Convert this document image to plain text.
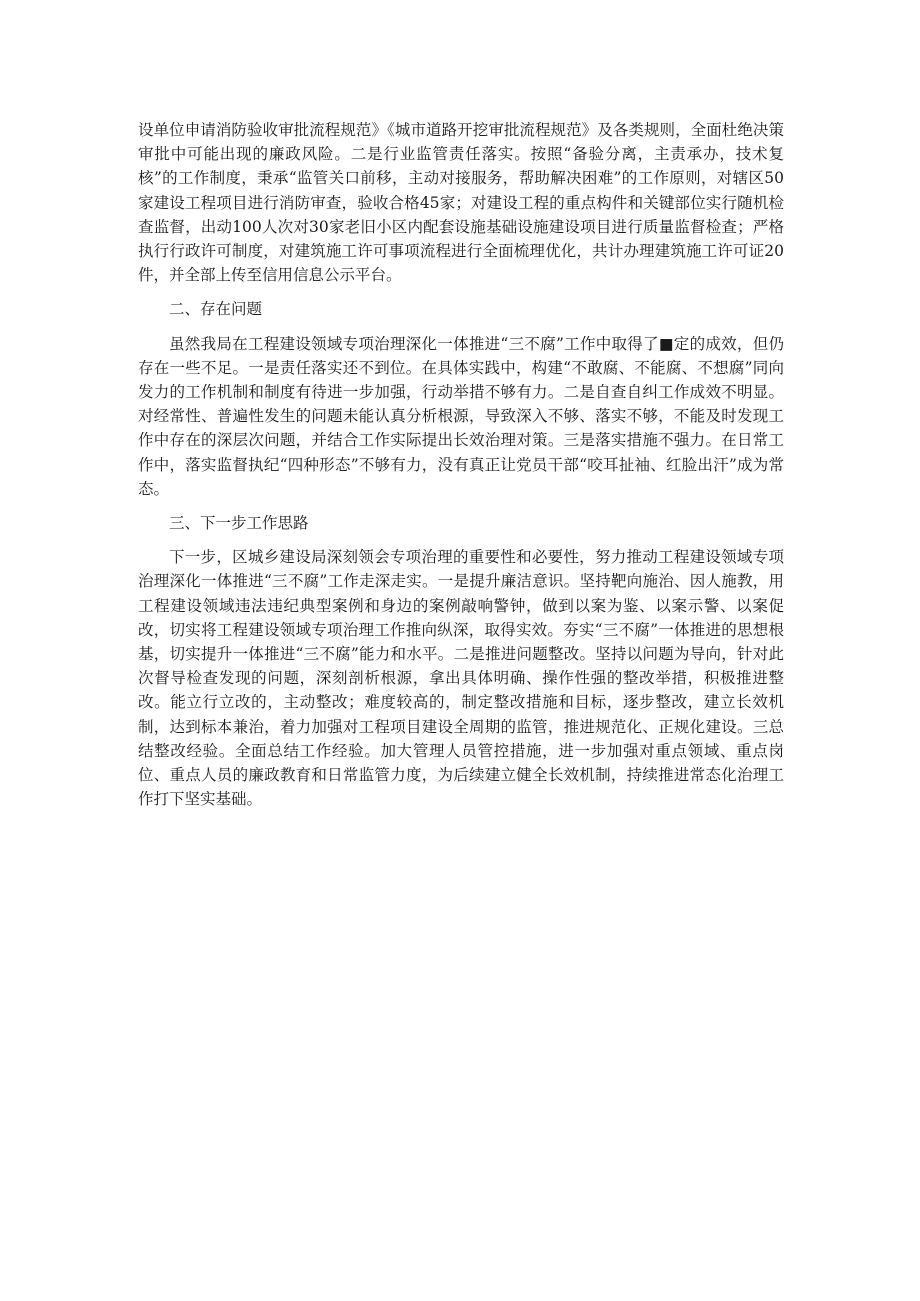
设单位申请消防验收审批流程规范》《城市道路开挖审批流程规范》及各类规则，全面杜绝决策审批中可能出现的廉政风险。二是行业监管责任落实。按照“备验分离，主责承办，技术复核”的工作制度，秉承“监管关口前移，主动对接服务，帮助解决困难”的工作原则，对辖区50家建设工程项目进行消防审查，验收合格45家；对建设工程的重点构件和关键部位实行随机检查监督，出动100人次对30家老旧小区内配套设施基础设施建设项目进行质量监督检查；严格执行行政许可制度，对建筑施工许可事项流程进行全面梳理优化，共计办理建筑施工许可证20件，并全部上传至信用信息公示平台。

二、存在问题

虽然我局在工程建设领域专项治理深化一体推进“三不腐”工作中取得了■定的成效，但仍存在一些不足。一是责任落实还不到位。在具体实践中，构建“不敢腐、不能腐、不想腐”同向发力的工作机制和制度有待进一步加强，行动举措不够有力。二是自查自纠工作成效不明显。对经常性、普遍性发生的问题未能认真分析根源，导致深入不够、落实不够，不能及时发现工作中存在的深层次问题，并结合工作实际提出长效治理对策。三是落实措施不强力。在日常工作中，落实监督执纪“四种形态”不够有力，没有真正让党员干部“咬耳扯袖、红脸出汗”成为常态。

三、下一步工作思路

下一步，区城乡建设局深刻领会专项治理的重要性和必要性，努力推动工程建设领域专项治理深化一体推进“三不腐”工作走深走实。一是提升廉洁意识。坚持靶向施治、因人施教，用工程建设领域违法违纪典型案例和身边的案例敲响警钟，做到以案为鉴、以案示警、以案促改，切实将工程建设领域专项治理工作推向纵深，取得实效。夯实“三不腐”一体推进的思想根基，切实提升一体推进“三不腐”能力和水平。二是推进问题整改。坚持以问题为导向，针对此次督导检查发现的问题，深刻剖析根源，拿出具体明确、操作性强的整改举措，积极推进整改。能立行立改的，主动整改；难度较高的，制定整改措施和目标，逐步整改，建立长效机制，达到标本兼治，着力加强对工程项目建设全周期的监管，推进规范化、正规化建设。三总结整改经验。全面总结工作经验。加大管理人员管控措施，进一步加强对重点领域、重点岗位、重点人员的廉政教育和日常监管力度，为后续建立健全长效机制，持续推进常态化治理工作打下坚实基础。
